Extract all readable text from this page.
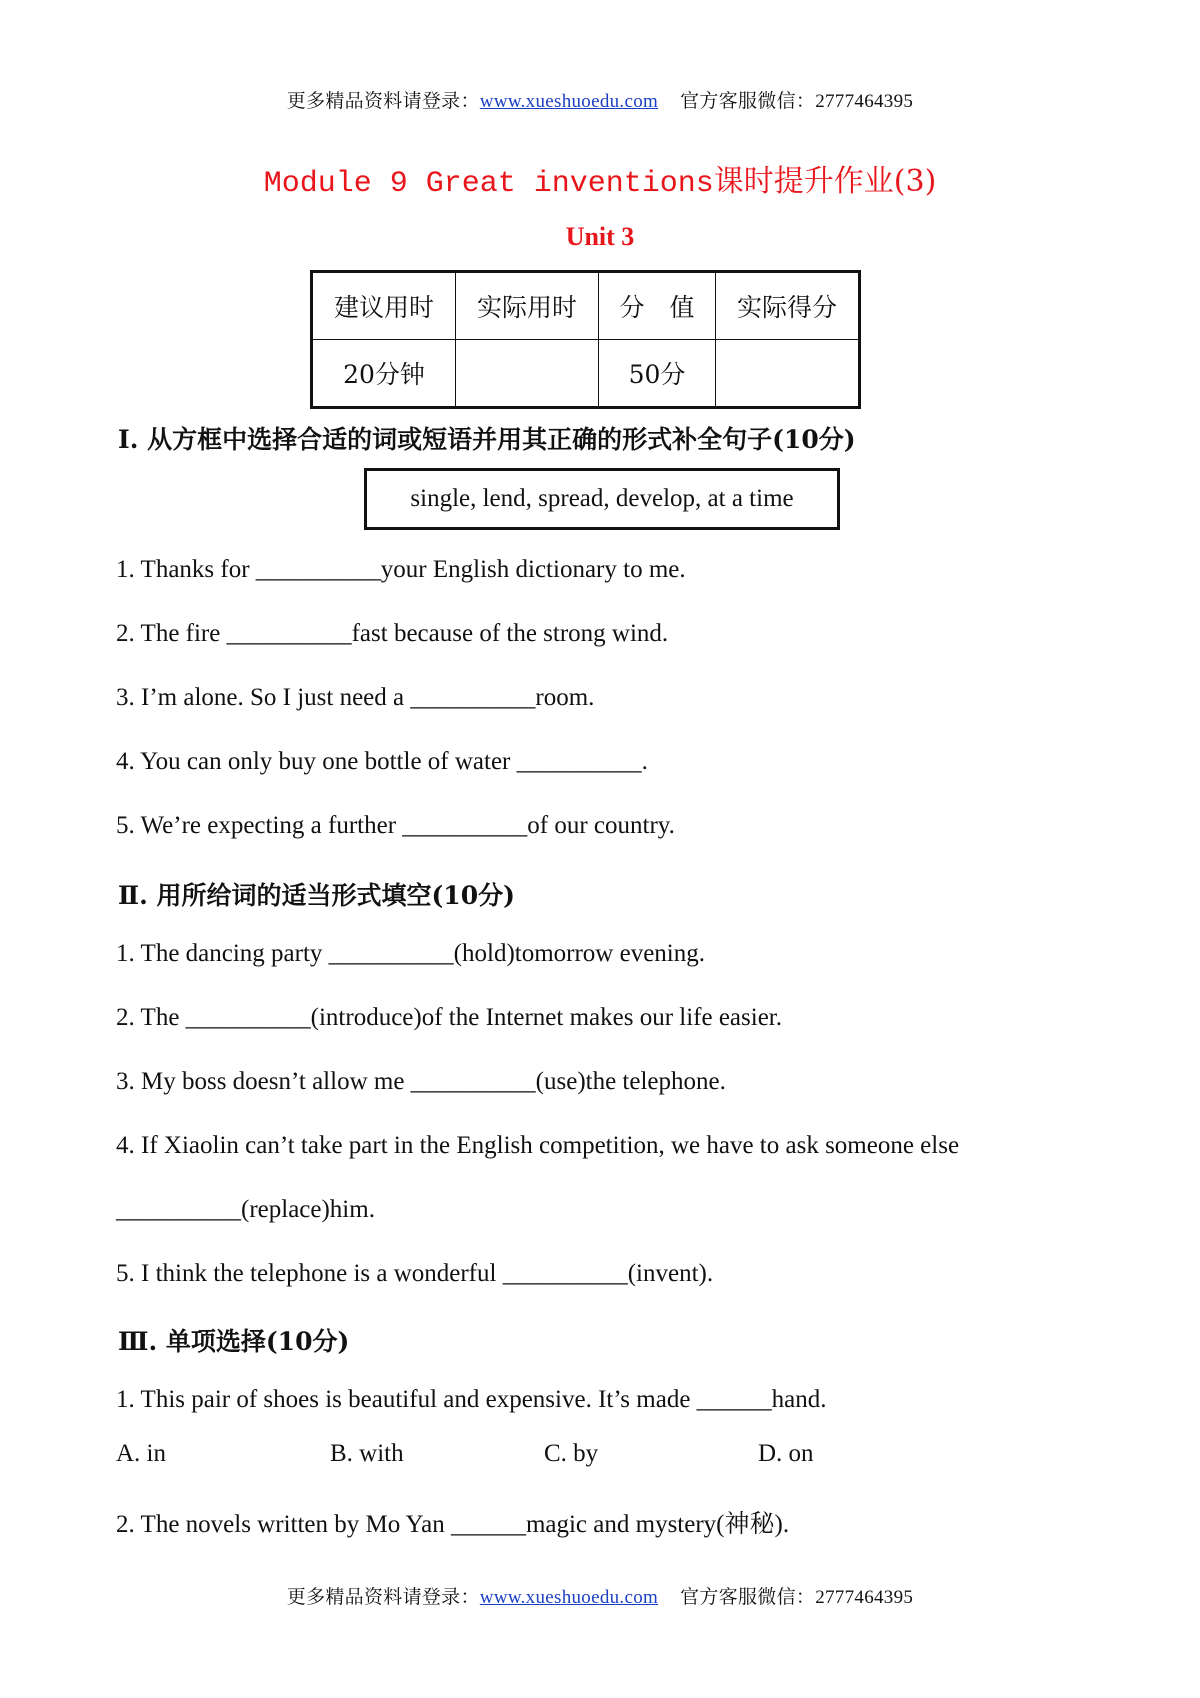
更多精品资料请登录：www.xueshuoedu.com 官方客服微信：2777464395
Module 9 Great inventions课时提升作业(3)
Unit 3
建议用时	实际用时	分　值	实际得分
20分钟		50分	
Ⅰ. 从方框中选择合适的词或短语并用其正确的形式补全句子(10分)
single, lend, spread, develop, at a time
1. Thanks for __________your English dictionary to me.
2. The fire __________fast because of the strong wind.
3. I’m alone. So I just need a __________room.
4. You can only buy one bottle of water __________.
5. We’re expecting a further __________of our country.
Ⅱ. 用所给词的适当形式填空(10分)
1. The dancing party __________(hold)tomorrow evening.
2. The __________(introduce)of the Internet makes our life easier.
3. My boss doesn’t allow me __________(use)the telephone.
4. If Xiaolin can’t take part in the English competition, we have to ask someone else
__________(replace)him.
5. I think the telephone is a wonderful __________(invent).
Ⅲ. 单项选择(10分)
1. This pair of shoes is beautiful and expensive. It’s made ______hand.
A. in	B. with	C. by	D. on
2. The novels written by Mo Yan ______magic and mystery(神秘).
更多精品资料请登录：www.xueshuoedu.com 官方客服微信：2777464395
